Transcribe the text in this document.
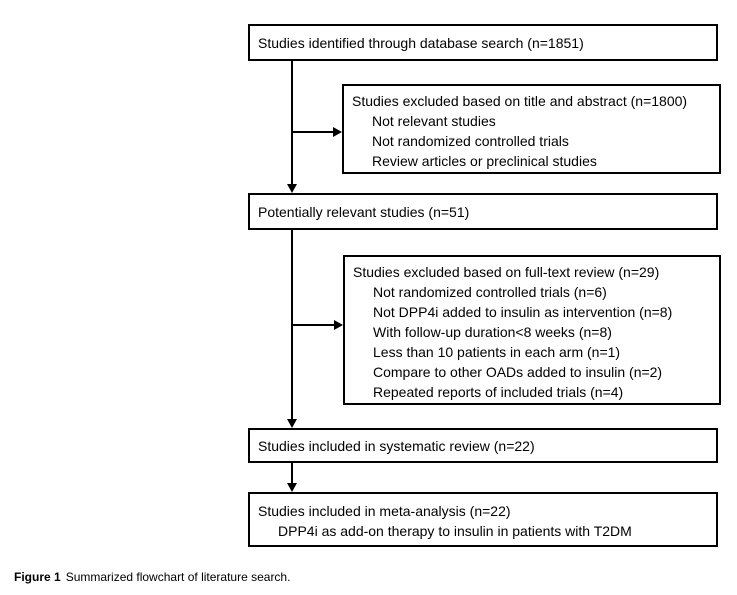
Studies identified through database search (n=1851)
Studies excluded based on title and abstract (n=1800)
Not relevant studies
Not randomized controlled trials
Review articles or preclinical studies
Potentially relevant studies (n=51)
Studies excluded based on full-text review (n=29)
Not randomized controlled trials (n=6)
Not DPP4i added to insulin as intervention (n=8)
With follow-up duration<8 weeks (n=8)
Less than 10 patients in each arm (n=1)
Compare to other OADs added to insulin (n=2)
Repeated reports of included trials (n=4)
Studies included in systematic review (n=22)
Studies included in meta-analysis (n=22)
DPP4i as add-on therapy to insulin in patients with T2DM
Figure 1 Summarized flowchart of literature search.
